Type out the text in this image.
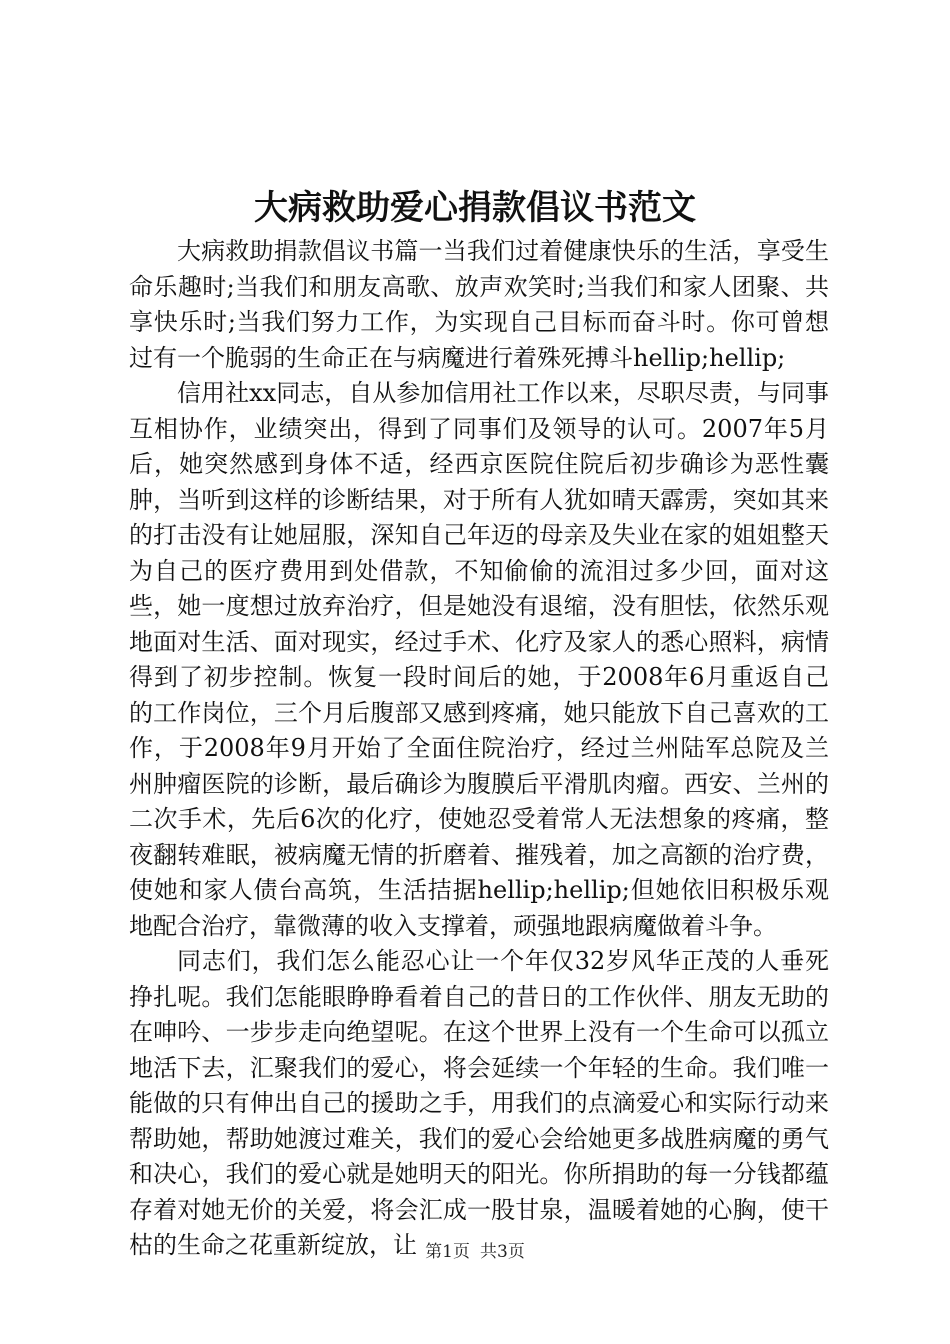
大病救助爱心捐款倡议书范文

大病救助捐款倡议书篇一当我们过着健康快乐的生活，享受生命乐趣时;当我们和朋友高歌、放声欢笑时;当我们和家人团聚、共享快乐时;当我们努力工作，为实现自己目标而奋斗时。你可曾想过有一个脆弱的生命正在与病魔进行着殊死搏斗hellip;hellip;

信用社xx同志，自从参加信用社工作以来，尽职尽责，与同事互相协作，业绩突出，得到了同事们及领导的认可。2007年5月后，她突然感到身体不适，经西京医院住院后初步确诊为恶性囊肿，当听到这样的诊断结果，对于所有人犹如晴天霹雳，突如其来的打击没有让她屈服，深知自己年迈的母亲及失业在家的姐姐整天为自己的医疗费用到处借款，不知偷偷的流泪过多少回，面对这些，她一度想过放弃治疗，但是她没有退缩，没有胆怯，依然乐观地面对生活、面对现实，经过手术、化疗及家人的悉心照料，病情得到了初步控制。恢复一段时间后的她，于2008年6月重返自己的工作岗位，三个月后腹部又感到疼痛，她只能放下自己喜欢的工作，于2008年9月开始了全面住院治疗，经过兰州陆军总院及兰州肿瘤医院的诊断，最后确诊为腹膜后平滑肌肉瘤。西安、兰州的二次手术，先后6次的化疗，使她忍受着常人无法想象的疼痛，整夜翻转难眠，被病魔无情的折磨着、摧残着，加之高额的治疗费，使她和家人债台高筑，生活拮据hellip;hellip;但她依旧积极乐观地配合治疗，靠微薄的收入支撑着，顽强地跟病魔做着斗争。

同志们，我们怎么能忍心让一个年仅32岁风华正茂的人垂死挣扎呢。我们怎能眼睁睁看着自己的昔日的工作伙伴、朋友无助的在呻吟、一步步走向绝望呢。在这个世界上没有一个生命可以孤立地活下去，汇聚我们的爱心，将会延续一个年轻的生命。我们唯一能做的只有伸出自己的援助之手，用我们的点滴爱心和实际行动来帮助她，帮助她渡过难关，我们的爱心会给她更多战胜病魔的勇气和决心，我们的爱心就是她明天的阳光。你所捐助的每一分钱都蕴存着对她无价的关爱，将会汇成一股甘泉，温暖着她的心胸，使干枯的生命之花重新绽放，让 第1页 共3页
